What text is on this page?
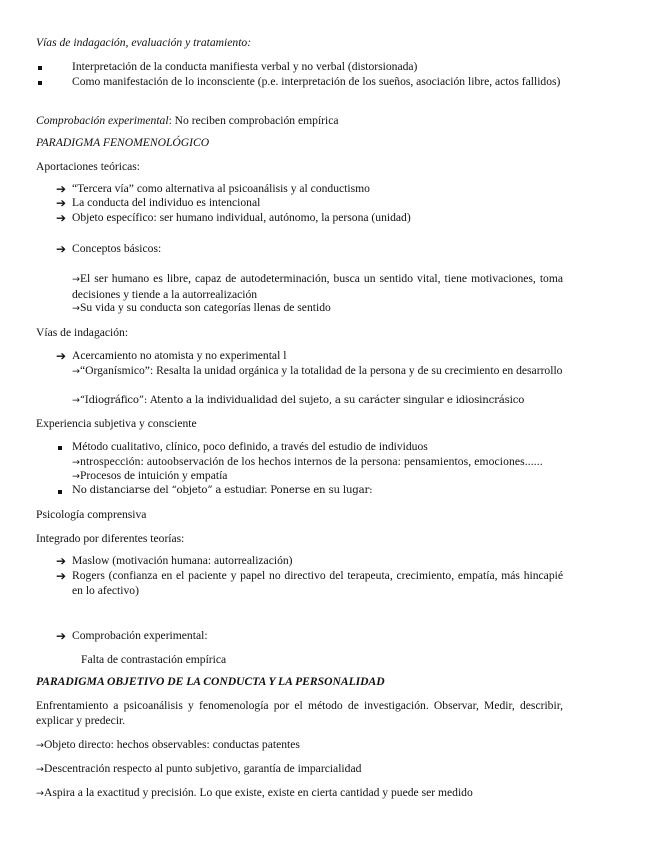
Vías de indagación, evaluación y tratamiento:
Interpretación de la conducta manifiesta verbal y no verbal (distorsionada)
Como manifestación de lo inconsciente (p.e. interpretación de los sueños, asociación libre, actos fallidos)
Comprobación experimental: No reciben comprobación empírica
PARADIGMA FENOMENOLÓGICO
Aportaciones teóricas:
➔ “Tercera vía” como alternativa al psicoanálisis y al conductismo
➔ La conducta del individuo es intencional
➔ Objeto específico: ser humano individual, autónomo, la persona (unidad)
➔ Conceptos básicos:
→El ser humano es libre, capaz de autodeterminación, busca un sentido vital, tiene motivaciones, toma decisiones y tiende a la autorrealización
→Su vida y su conducta son categorías llenas de sentido
Vías de indagación:
➔ Acercamiento no atomista y no experimental l
→“Organísmico”: Resalta la unidad orgánica y la totalidad de la persona y de su crecimiento en desarrollo
→“Idiográfico”: Atento a la individualidad del sujeto, a su carácter singular e idiosincrásico
Experiencia subjetiva y consciente
Método cualitativo, clínico, poco definido, a través del estudio de individuos
→ntrospección: autoobservación de los hechos internos de la persona: pensamientos, emociones......
→Procesos de intuición y empatía
No distanciarse del “objeto” a estudiar. Ponerse en su lugar:
Psicología comprensiva
Integrado por diferentes teorías:
➔ Maslow (motivación humana: autorrealización)
➔ Rogers (confianza en el paciente y papel no directivo del terapeuta, crecimiento, empatía, más hincapié en lo afectivo)
➔ Comprobación experimental:
Falta de contrastación empírica
PARADIGMA OBJETIVO DE LA CONDUCTA Y LA PERSONALIDAD
Enfrentamiento a psicoanálisis y fenomenología por el método de investigación. Observar, Medir, describir, explicar y predecir.
→Objeto directo: hechos observables: conductas patentes
→Descentración respecto al punto subjetivo, garantía de imparcialidad
→Aspira a la exactitud y precisión. Lo que existe, existe en cierta cantidad y puede ser medido
